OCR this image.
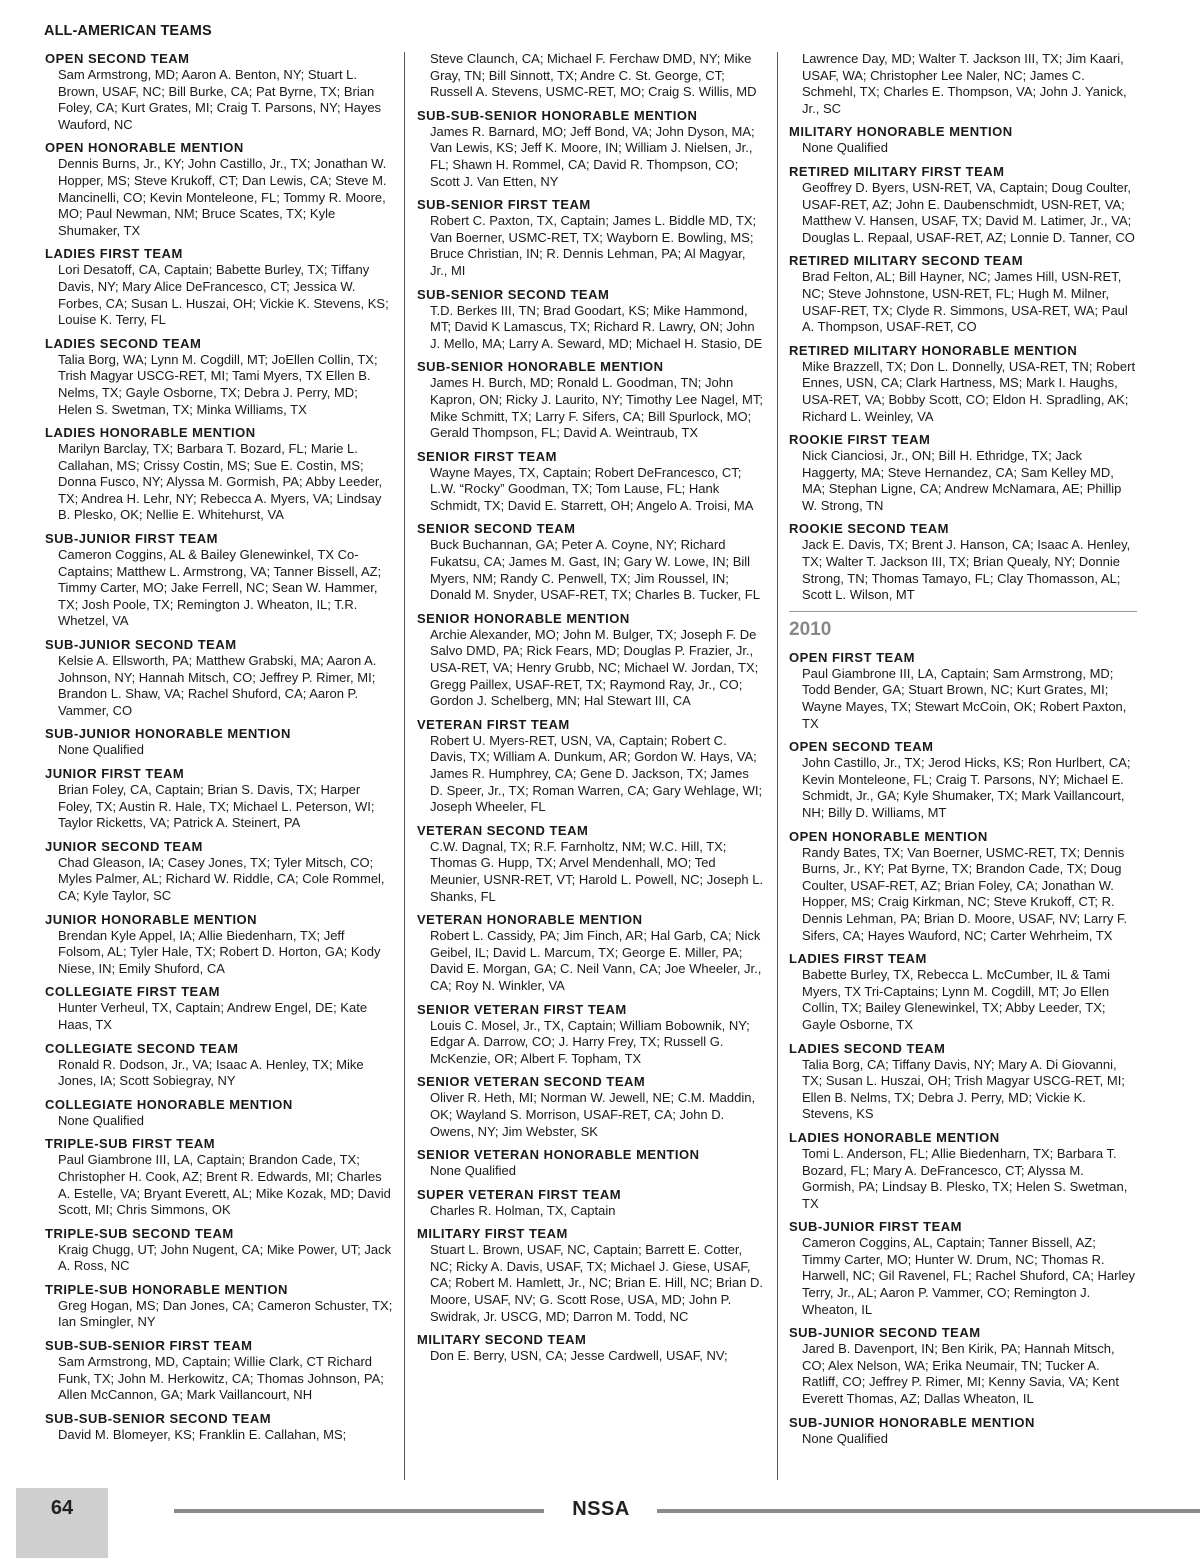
ALL-AMERICAN TEAMS
OPEN SECOND TEAM
Sam Armstrong, MD; Aaron A. Benton, NY; Stuart L. Brown, USAF, NC; Bill Burke, CA; Pat Byrne, TX; Brian Foley, CA; Kurt Grates, MI; Craig T. Parsons, NY; Hayes Wauford, NC
OPEN HONORABLE MENTION
Dennis Burns, Jr., KY; John Castillo, Jr., TX; Jonathan W. Hopper, MS; Steve Krukoff, CT; Dan Lewis, CA; Steve M. Mancinelli, CO; Kevin Monteleone, FL; Tommy R. Moore, MO; Paul Newman, NM; Bruce Scates, TX; Kyle Shumaker, TX
LADIES FIRST TEAM
Lori Desatoff, CA, Captain; Babette Burley, TX; Tiffany Davis, NY; Mary Alice DeFrancesco, CT; Jessica W. Forbes, CA; Susan L. Huszai, OH; Vickie K. Stevens, KS; Louise K. Terry, FL
LADIES SECOND TEAM
Talia Borg, WA; Lynn M. Cogdill, MT; JoEllen Collin, TX; Trish Magyar USCG-RET, MI; Tami Myers, TX Ellen B. Nelms, TX; Gayle Osborne, TX; Debra J. Perry, MD; Helen S. Swetman, TX; Minka Williams, TX
LADIES HONORABLE MENTION
Marilyn Barclay, TX; Barbara T. Bozard, FL; Marie L. Callahan, MS; Crissy Costin, MS; Sue E. Costin, MS; Donna Fusco, NY; Alyssa M. Gormish, PA; Abby Leeder, TX; Andrea H. Lehr, NY; Rebecca A. Myers, VA; Lindsay B. Plesko, OK; Nellie E. Whitehurst, VA
SUB-JUNIOR FIRST TEAM
Cameron Coggins, AL & Bailey Glenewinkel, TX Co-Captains; Matthew L. Armstrong, VA; Tanner Bissell, AZ; Timmy Carter, MO; Jake Ferrell, NC; Sean W. Hammer, TX; Josh Poole, TX; Remington J. Wheaton, IL; T.R. Whetzel, VA
SUB-JUNIOR SECOND TEAM
Kelsie A. Ellsworth, PA; Matthew Grabski, MA; Aaron A. Johnson, NY; Hannah Mitsch, CO; Jeffrey P. Rimer, MI; Brandon L. Shaw, VA; Rachel Shuford, CA; Aaron P. Vammer, CO
SUB-JUNIOR HONORABLE MENTION
None Qualified
JUNIOR FIRST TEAM
Brian Foley, CA, Captain; Brian S. Davis, TX; Harper Foley, TX; Austin R. Hale, TX; Michael L. Peterson, WI; Taylor Ricketts, VA; Patrick A. Steinert, PA
JUNIOR SECOND TEAM
Chad Gleason, IA; Casey Jones, TX; Tyler Mitsch, CO; Myles Palmer, AL; Richard W. Riddle, CA; Cole Rommel, CA; Kyle Taylor, SC
JUNIOR HONORABLE MENTION
Brendan Kyle Appel, IA; Allie Biedenharn, TX; Jeff Folsom, AL; Tyler Hale, TX; Robert D. Horton, GA; Kody Niese, IN; Emily Shuford, CA
COLLEGIATE FIRST TEAM
Hunter Verheul, TX, Captain; Andrew Engel, DE; Kate Haas, TX
COLLEGIATE SECOND TEAM
Ronald R. Dodson, Jr., VA; Isaac A. Henley, TX; Mike Jones, IA; Scott Sobiegray, NY
COLLEGIATE HONORABLE MENTION
None Qualified
TRIPLE-SUB FIRST TEAM
Paul Giambrone III, LA, Captain; Brandon Cade, TX; Christopher H. Cook, AZ; Brent R. Edwards, MI; Charles A. Estelle, VA; Bryant Everett, AL; Mike Kozak, MD; David Scott, MI; Chris Simmons, OK
TRIPLE-SUB SECOND TEAM
Kraig Chugg, UT; John Nugent, CA; Mike Power, UT; Jack A. Ross, NC
TRIPLE-SUB HONORABLE MENTION
Greg Hogan, MS; Dan Jones, CA; Cameron Schuster, TX; Ian Smingler, NY
SUB-SUB-SENIOR FIRST TEAM
Sam Armstrong, MD, Captain; Willie Clark, CT Richard Funk, TX; John M. Herkowitz, CA; Thomas Johnson, PA; Allen McCannon, GA; Mark Vaillancourt, NH
SUB-SUB-SENIOR SECOND TEAM
David M. Blomeyer, KS; Franklin E. Callahan, MS;
Steve Claunch, CA; Michael F. Ferchaw DMD, NY; Mike Gray, TN; Bill Sinnott, TX; Andre C. St. George, CT; Russell A. Stevens, USMC-RET, MO; Craig S. Willis, MD
SUB-SUB-SENIOR HONORABLE MENTION
James R. Barnard, MO; Jeff Bond, VA; John Dyson, MA; Van Lewis, KS; Jeff K. Moore, IN; William J. Nielsen, Jr., FL; Shawn H. Rommel, CA; David R. Thompson, CO; Scott J. Van Etten, NY
SUB-SENIOR FIRST TEAM
Robert C. Paxton, TX, Captain; James L. Biddle MD, TX; Van Boerner, USMC-RET, TX; Wayborn E. Bowling, MS; Bruce Christian, IN; R. Dennis Lehman, PA; Al Magyar, Jr., MI
SUB-SENIOR SECOND TEAM
T.D. Berkes III, TN; Brad Goodart, KS; Mike Hammond, MT; David K Lamascus, TX; Richard R. Lawry, ON; John J. Mello, MA; Larry A. Seward, MD; Michael H. Stasio, DE
SUB-SENIOR HONORABLE MENTION
James H. Burch, MD; Ronald L. Goodman, TN; John Kapron, ON; Ricky J. Laurito, NY; Timothy Lee Nagel, MT; Mike Schmitt, TX; Larry F. Sifers, CA; Bill Spurlock, MO; Gerald Thompson, FL; David A. Weintraub, TX
SENIOR FIRST TEAM
Wayne Mayes, TX, Captain; Robert DeFrancesco, CT; L.W. “Rocky” Goodman, TX; Tom Lause, FL; Hank Schmidt, TX; David E. Starrett, OH; Angelo A. Troisi, MA
SENIOR SECOND TEAM
Buck Buchannan, GA; Peter A. Coyne, NY; Richard Fukatsu, CA; James M. Gast, IN; Gary W. Lowe, IN; Bill Myers, NM; Randy C. Penwell, TX; Jim Roussel, IN; Donald M. Snyder, USAF-RET, TX; Charles B. Tucker, FL
SENIOR HONORABLE MENTION
Archie Alexander, MO; John M. Bulger, TX; Joseph F. De Salvo DMD, PA; Rick Fears, MD; Douglas P. Frazier, Jr., USA-RET, VA; Henry Grubb, NC; Michael W. Jordan, TX; Gregg Paillex, USAF-RET, TX; Raymond Ray, Jr., CO; Gordon J. Schelberg, MN; Hal Stewart III, CA
VETERAN FIRST TEAM
Robert U. Myers-RET, USN, VA, Captain; Robert C. Davis, TX; William A. Dunkum, AR; Gordon W. Hays, VA; James R. Humphrey, CA; Gene D. Jackson, TX; James D. Speer, Jr., TX; Roman Warren, CA; Gary Wehlage, WI; Joseph Wheeler, FL
VETERAN SECOND TEAM
C.W. Dagnal, TX; R.F. Farnholtz, NM; W.C. Hill, TX; Thomas G. Hupp, TX; Arvel Mendenhall, MO; Ted Meunier, USNR-RET, VT; Harold L. Powell, NC; Joseph L. Shanks, FL
VETERAN HONORABLE MENTION
Robert L. Cassidy, PA; Jim Finch, AR; Hal Garb, CA; Nick Geibel, IL; David L. Marcum, TX; George E. Miller, PA; David E. Morgan, GA; C. Neil Vann, CA; Joe Wheeler, Jr., CA; Roy N. Winkler, VA
SENIOR VETERAN FIRST TEAM
Louis C. Mosel, Jr., TX, Captain; William Bobownik, NY; Edgar A. Darrow, CO; J. Harry Frey, TX; Russell G. McKenzie, OR; Albert F. Topham, TX
SENIOR VETERAN SECOND TEAM
Oliver R. Heth, MI; Norman W. Jewell, NE; C.M. Maddin, OK; Wayland S. Morrison, USAF-RET, CA; John D. Owens, NY; Jim Webster, SK
SENIOR VETERAN HONORABLE MENTION
None Qualified
SUPER VETERAN FIRST TEAM
Charles R. Holman, TX, Captain
MILITARY FIRST TEAM
Stuart L. Brown, USAF, NC, Captain; Barrett E. Cotter, NC; Ricky A. Davis, USAF, TX; Michael J. Giese, USAF, CA; Robert M. Hamlett, Jr., NC; Brian E. Hill, NC; Brian D. Moore, USAF, NV; G. Scott Rose, USA, MD; John P. Swidrak, Jr. USCG, MD; Darron M. Todd, NC
MILITARY SECOND TEAM
Don E. Berry, USN, CA; Jesse Cardwell, USAF, NV;
Lawrence Day, MD; Walter T. Jackson III, TX; Jim Kaari, USAF, WA; Christopher Lee Naler, NC; James C. Schmehl, TX; Charles E. Thompson, VA; John J. Yanick, Jr., SC
MILITARY HONORABLE MENTION
None Qualified
RETIRED MILITARY FIRST TEAM
Geoffrey D. Byers, USN-RET, VA, Captain; Doug Coulter, USAF-RET, AZ; John E. Daubenschmidt, USN-RET, VA; Matthew V. Hansen, USAF, TX; David M. Latimer, Jr., VA; Douglas L. Repaal, USAF-RET, AZ; Lonnie D. Tanner, CO
RETIRED MILITARY SECOND TEAM
Brad Felton, AL; Bill Hayner, NC; James Hill, USN-RET, NC; Steve Johnstone, USN-RET, FL; Hugh M. Milner, USAF-RET, TX; Clyde R. Simmons, USA-RET, WA; Paul A. Thompson, USAF-RET, CO
RETIRED MILITARY HONORABLE MENTION
Mike Brazzell, TX; Don L. Donnelly, USA-RET, TN; Robert Ennes, USN, CA; Clark Hartness, MS; Mark I. Haughs, USA-RET, VA; Bobby Scott, CO; Eldon H. Spradling, AK; Richard L. Weinley, VA
ROOKIE FIRST TEAM
Nick Cianciosi, Jr., ON; Bill H. Ethridge, TX; Jack Haggerty, MA; Steve Hernandez, CA; Sam Kelley MD, MA; Stephan Ligne, CA; Andrew McNamara, AE; Phillip W. Strong, TN
ROOKIE SECOND TEAM
Jack E. Davis, TX; Brent J. Hanson, CA; Isaac A. Henley, TX; Walter T. Jackson III, TX; Brian Quealy, NY; Donnie Strong, TN; Thomas Tamayo, FL; Clay Thomasson, AL; Scott L. Wilson, MT
2010
OPEN FIRST TEAM
Paul Giambrone III, LA, Captain; Sam Armstrong, MD; Todd Bender, GA; Stuart Brown, NC; Kurt Grates, MI; Wayne Mayes, TX; Stewart McCoin, OK; Robert Paxton, TX
OPEN SECOND TEAM
John Castillo, Jr., TX; Jerod Hicks, KS; Ron Hurlbert, CA; Kevin Monteleone, FL; Craig T. Parsons, NY; Michael E. Schmidt, Jr., GA; Kyle Shumaker, TX; Mark Vaillancourt, NH; Billy D. Williams, MT
OPEN HONORABLE MENTION
Randy Bates, TX; Van Boerner, USMC-RET, TX; Dennis Burns, Jr., KY; Pat Byrne, TX; Brandon Cade, TX; Doug Coulter, USAF-RET, AZ; Brian Foley, CA; Jonathan W. Hopper, MS; Craig Kirkman, NC; Steve Krukoff, CT; R. Dennis Lehman, PA; Brian D. Moore, USAF, NV; Larry F. Sifers, CA; Hayes Wauford, NC; Carter Wehrheim, TX
LADIES FIRST TEAM
Babette Burley, TX, Rebecca L. McCumber, IL & Tami Myers, TX Tri-Captains; Lynn M. Cogdill, MT; Jo Ellen Collin, TX; Bailey Glenewinkel, TX; Abby Leeder, TX; Gayle Osborne, TX
LADIES SECOND TEAM
Talia Borg, CA; Tiffany Davis, NY; Mary A. Di Giovanni, TX; Susan L. Huszai, OH; Trish Magyar USCG-RET, MI; Ellen B. Nelms, TX; Debra J. Perry, MD; Vickie K. Stevens, KS
LADIES HONORABLE MENTION
Tomi L. Anderson, FL; Allie Biedenharn, TX; Barbara T. Bozard, FL; Mary A. DeFrancesco, CT; Alyssa M. Gormish, PA; Lindsay B. Plesko, TX; Helen S. Swetman, TX
SUB-JUNIOR FIRST TEAM
Cameron Coggins, AL, Captain; Tanner Bissell, AZ; Timmy Carter, MO; Hunter W. Drum, NC; Thomas R. Harwell, NC; Gil Ravenel, FL; Rachel Shuford, CA; Harley Terry, Jr., AL; Aaron P. Vammer, CO; Remington J. Wheaton, IL
SUB-JUNIOR SECOND TEAM
Jared B. Davenport, IN; Ben Kirik, PA; Hannah Mitsch, CO; Alex Nelson, WA; Erika Neumair, TN; Tucker A. Ratliff, CO; Jeffrey P. Rimer, MI; Kenny Savia, VA; Kent Everett Thomas, AZ; Dallas Wheaton, IL
SUB-JUNIOR HONORABLE MENTION
None Qualified
64	NSSA
